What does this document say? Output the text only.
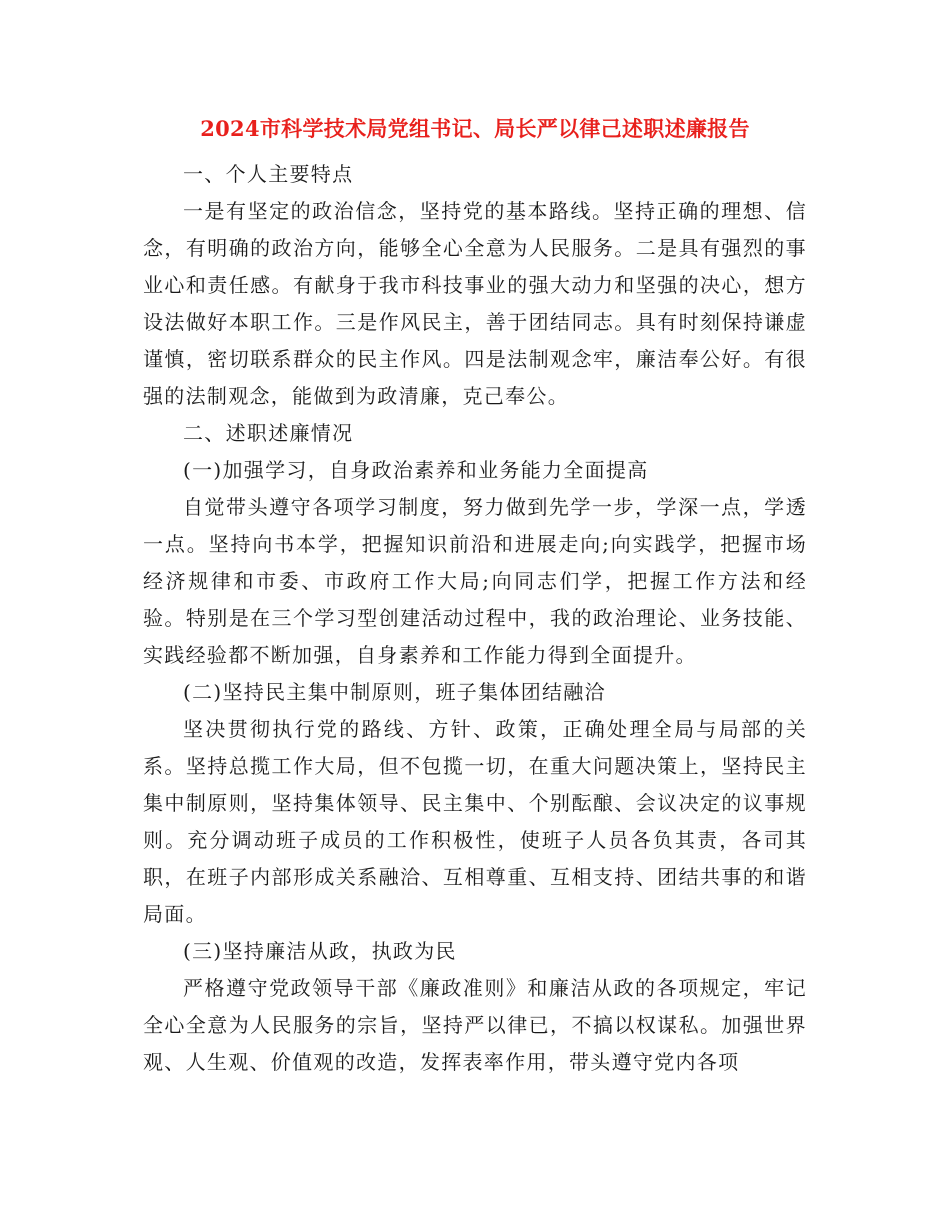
2024市科学技术局党组书记、局长严以律己述职述廉报告

一、个人主要特点

一是有坚定的政治信念，坚持党的基本路线。坚持正确的理想、信念，有明确的政治方向，能够全心全意为人民服务。二是具有强烈的事业心和责任感。有献身于我市科技事业的强大动力和坚强的决心，想方设法做好本职工作。三是作风民主，善于团结同志。具有时刻保持谦虚谨慎，密切联系群众的民主作风。四是法制观念牢，廉洁奉公好。有很强的法制观念，能做到为政清廉，克己奉公。

二、述职述廉情况

(一)加强学习，自身政治素养和业务能力全面提高

自觉带头遵守各项学习制度，努力做到先学一步，学深一点，学透一点。坚持向书本学，把握知识前沿和进展走向;向实践学，把握市场经济规律和市委、市政府工作大局;向同志们学，把握工作方法和经验。特别是在三个学习型创建活动过程中，我的政治理论、业务技能、实践经验都不断加强，自身素养和工作能力得到全面提升。

(二)坚持民主集中制原则，班子集体团结融洽

坚决贯彻执行党的路线、方针、政策，正确处理全局与局部的关系。坚持总揽工作大局，但不包揽一切，在重大问题决策上，坚持民主集中制原则，坚持集体领导、民主集中、个别酝酿、会议决定的议事规则。充分调动班子成员的工作积极性，使班子人员各负其责，各司其职，在班子内部形成关系融洽、互相尊重、互相支持、团结共事的和谐局面。

(三)坚持廉洁从政，执政为民

严格遵守党政领导干部《廉政准则》和廉洁从政的各项规定，牢记全心全意为人民服务的宗旨，坚持严以律已，不搞以权谋私。加强世界观、人生观、价值观的改造，发挥表率作用，带头遵守党内各项
